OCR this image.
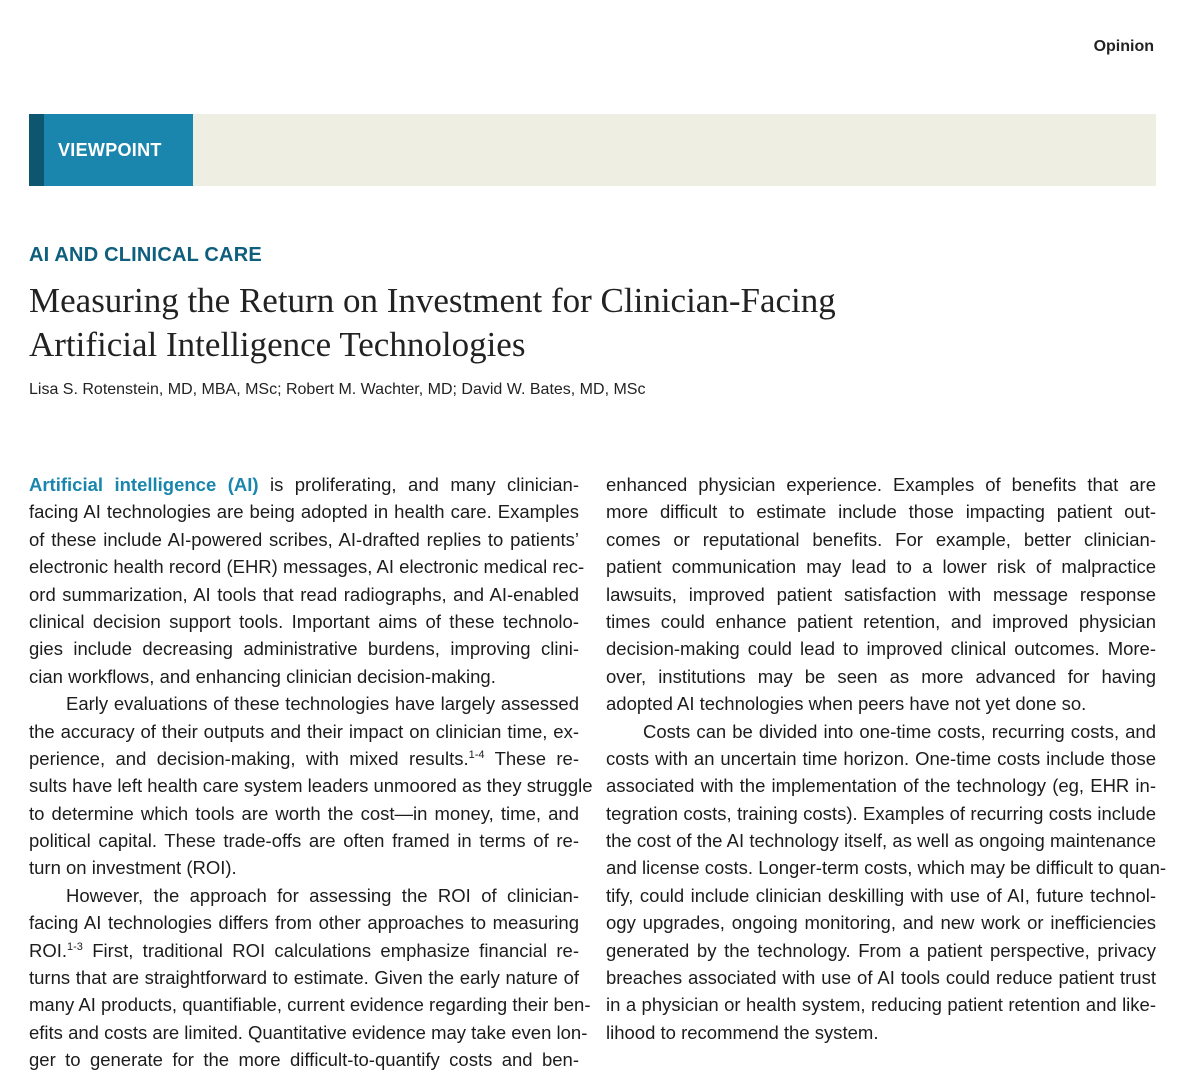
Opinion
VIEWPOINT
AI AND CLINICAL CARE
Measuring the Return on Investment for Clinician-Facing
Artificial Intelligence Technologies
Lisa S. Rotenstein, MD, MBA, MSc; Robert M. Wachter, MD; David W. Bates, MD, MSc
Artificial intelligence (AI) is proliferating, and many clinician-
facing AI technologies are being adopted in health care. Examples
of these include AI-powered scribes, AI-drafted replies to patients’
electronic health record (EHR) messages, AI electronic medical rec-
ord summarization, AI tools that read radiographs, and AI-enabled
clinical decision support tools. Important aims of these technolo-
gies include decreasing administrative burdens, improving clini-
cian workflows, and enhancing clinician decision-making.
Early evaluations of these technologies have largely assessed
the accuracy of their outputs and their impact on clinician time, ex-
perience, and decision-making, with mixed results.$^{1-4}$ These re-
sults have left health care system leaders unmoored as they struggle
to determine which tools are worth the cost—in money, time, and
political capital. These trade-offs are often framed in terms of re-
turn on investment (ROI).
However, the approach for assessing the ROI of clinician-
facing AI technologies differs from other approaches to measuring
ROI.$^{1-3}$ First, traditional ROI calculations emphasize financial re-
turns that are straightforward to estimate. Given the early nature of
many AI products, quantifiable, current evidence regarding their ben-
efits and costs are limited. Quantitative evidence may take even lon-
ger to generate for the more difficult-to-quantify costs and ben-
enhanced physician experience. Examples of benefits that are
more difficult to estimate include those impacting patient out-
comes or reputational benefits. For example, better clinician-
patient communication may lead to a lower risk of malpractice
lawsuits, improved patient satisfaction with message response
times could enhance patient retention, and improved physician
decision-making could lead to improved clinical outcomes. More-
over, institutions may be seen as more advanced for having
adopted AI technologies when peers have not yet done so.
Costs can be divided into one-time costs, recurring costs, and
costs with an uncertain time horizon. One-time costs include those
associated with the implementation of the technology (eg, EHR in-
tegration costs, training costs). Examples of recurring costs include
the cost of the AI technology itself, as well as ongoing maintenance
and license costs. Longer-term costs, which may be difficult to quan-
tify, could include clinician deskilling with use of AI, future technol-
ogy upgrades, ongoing monitoring, and new work or inefficiencies
generated by the technology. From a patient perspective, privacy
breaches associated with use of AI tools could reduce patient trust
in a physician or health system, reducing patient retention and like-
lihood to recommend the system.
